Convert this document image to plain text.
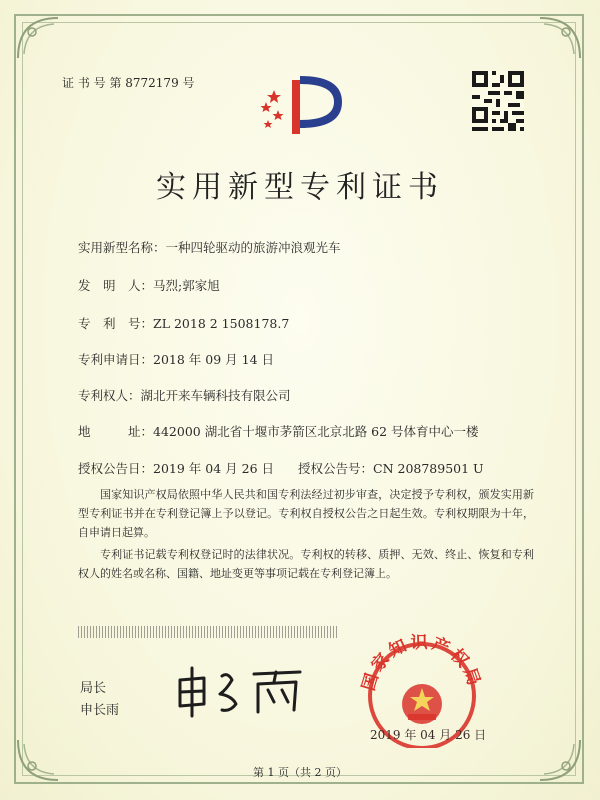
证 书 号 第 8772179 号
实用新型专利证书
实用新型名称：一种四轮驱动的旅游冲浪观光车
发　明　人：马烈;郭家旭
专　利　号：ZL 2018 2 1508178.7
专利申请日：2018 年 09 月 14 日
专利权人：湖北开来车辆科技有限公司
地　　　址：442000 湖北省十堰市茅箭区北京北路 62 号体育中心一楼
授权公告日：2019 年 04 月 26 日 授权公告号：CN 208789501 U
国家知识产权局依照中华人民共和国专利法经过初步审查，决定授予专利权，颁发实用新型专利证书并在专利登记簿上予以登记。专利权自授权公告之日起生效。专利权期限为十年，自申请日起算。
专利证书记载专利权登记时的法律状况。专利权的转移、质押、无效、终止、恢复和专利权人的姓名或名称、国籍、地址变更等事项记载在专利登记簿上。
局长
申长雨
国家知识产权局
2019 年 04 月 26 日
第 1 页（共 2 页）
